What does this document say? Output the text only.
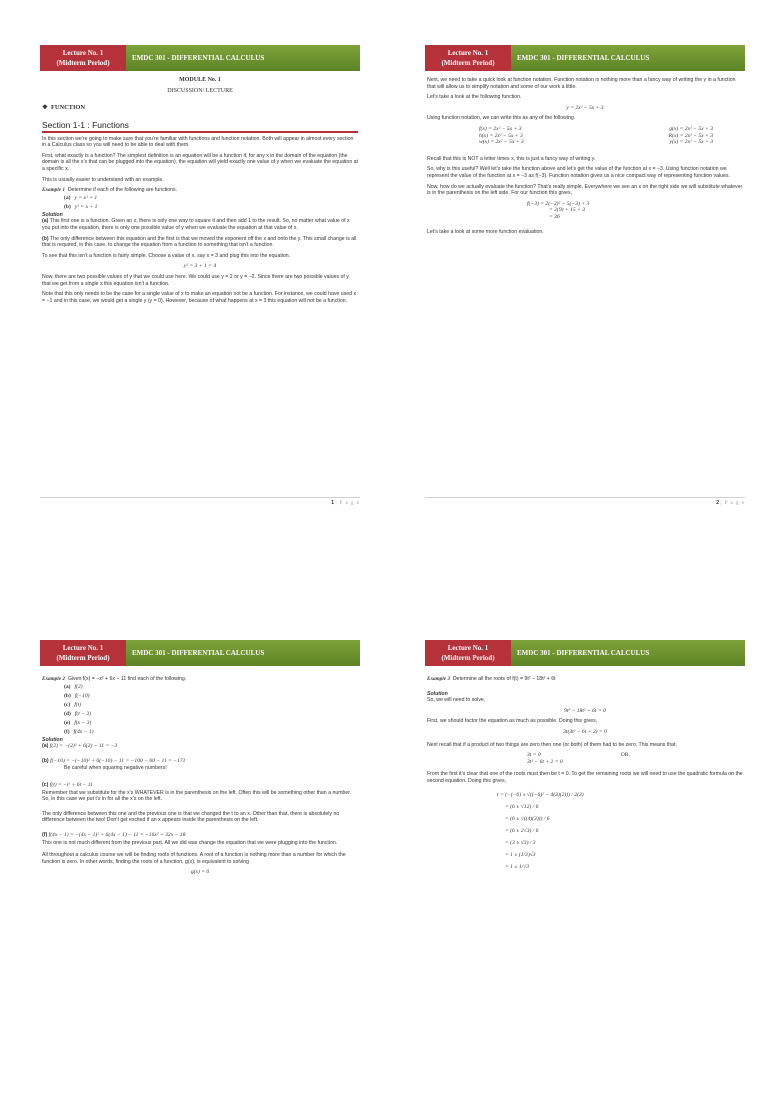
Lecture No. 1
(Midterm Period)
EMDC 301 - DIFFERENTIAL CALCULUS
MODULE No. 1
DISCUSSION/ LECTURE
❖ FUNCTION
Section 1-1 : Functions

In this section we’re going to make sure that you’re familiar with functions and function notation. Both will appear in almost every section in a Calculus class so you will need to be able to deal with them.

First, what exactly is a function? The simplest definition is an equation will be a function if, for any x in the domain of the equation (the domain is all the x’s that can be plugged into the equation), the equation will yield exactly one value of y when we evaluate the equation at a specific x.

This is usually easier to understand with an example.

Example 1 Determine if each of the following are functions.
(a) y = x² + 1
(b) y² = x + 1
Solution

(a) This first one is a function. Given an x, there is only one way to square it and then add 1 to the result. So, no matter what value of x you put into the equation, there is only one possible value of y when we evaluate the equation at that value of x.

(b) The only difference between this equation and the first is that we moved the exponent off the x and onto the y. This small change is all that is required, in this case, to change the equation from a function to something that isn’t a function.

To see that this isn’t a function is fairly simple. Choose a value of x, say x = 3 and plug this into the equation.

y² = 3 + 1 = 4

Now, there are two possible values of y that we could use here. We could use y = 2 or y = −2. Since there are two possible values of y that we get from a single x this equation isn’t a function.

Note that this only needs to be the case for a single value of x to make an equation not be a function. For instance, we could have used x = −1 and in this case, we would get a single y (y = 0). However, because of what happens at x = 3 this equation will not be a function.

1 | P a g e
Lecture No. 1
(Midterm Period)
EMDC 301 - DIFFERENTIAL CALCULUS

Next, we need to take a quick look at function notation. Function notation is nothing more than a fancy way of writing the y in a function that will allow us to simplify notation and some of our work a little.

Let’s take a look at the following function.

y = 2x² − 5x + 3

Using function notation, we can write this as any of the following.

f(x) = 2x² − 5x + 3	g(x) = 2x² − 5x + 3
h(x) = 2x² − 5x + 3	R(x) = 2x² − 5x + 3
w(x) = 2x² − 5x + 3	y(x) = 2x² − 5x + 3

Recall that this is NOT a letter times x, this is just a fancy way of writing y.

So, why is this useful? Well let’s take the function above and let’s get the value of the function at x = −3. Using function notation we represent the value of the function at x = −3 as f(−3). Function notation gives us a nice compact way of representing function values.

Now, how do we actually evaluate the function? That’s really simple. Everywhere we see an x on the right side we will substitute whatever is in the parenthesis on the left side. For our function this gives,

f(−3) = 2(−3)² − 5(−3) + 3
= 2(9) + 15 + 3
= 36

Let’s take a look at some more function evaluation.

2 | P a g e
Lecture No. 1
(Midterm Period)
EMDC 301 - DIFFERENTIAL CALCULUS
Example 2 Given f(x) = −x² + 6x − 11 find each of the following.
(a) f(2)
(b) f(−10)
(c) f(t)
(d) f(t − 3)
(e) f(x − 3)
(f) f(4x − 1)
Solution

(a) f(2) = −(2)² + 6(2) − 11 = −3

(b) f(−10) = −(−10)² + 6(−10) − 11 = −100 − 60 − 11 = −171

Be careful when squaring negative numbers!

(c) f(t) = −t² + 6t − 11

Remember that we substitute for the x’s WHATEVER is in the parenthesis on the left. Often this will be something other than a number. So, in this case we put t’s in for all the x’s on the left.

The only difference between this one and the previous one is that we changed the t to an x. Other than that, there is absolutely no difference between the two! Don’t get excited if an x appears inside the parenthesis on the left.

(f) f(4x − 1) = −(4x − 1)² + 6(4x − 1) − 11 = −16x² + 32x − 18

This one is not much different from the previous part. All we did was change the equation that we were plugging into the function.

All throughout a calculus course we will be finding roots of functions. A root of a function is nothing more than a number for which the function is zero. In other words, finding the roots of a function, g(x), is equivalent to solving

g(x) = 0
Lecture No. 1
(Midterm Period)
EMDC 301 - DIFFERENTIAL CALCULUS
Example 3 Determine all the roots of f(t) = 9t³ − 18t² + 6t
Solution

So, we will need to solve,

9t³ − 18t² + 6t = 0

First, we should factor the equation as much as possible. Doing this gives,

3t(3t² − 6t + 2) = 0

Next recall that if a product of two things are zero then one (or both) of them had to be zero. This means that,

3t = 0	OR,
3t² − 6t + 2 = 0

From the first it’s clear that one of the roots must then be t = 0. To get the remaining roots we will need to use the quadratic formula on the second equation. Doing this gives,

t = (−(−6) ± √((−6)² − 4(3)(2))) / 2(3)
= (6 ± √12) / 6
= (6 ± √((4)(3))) / 6
= (6 ± 2√3) / 6
= (3 ± √3) / 3
= 1 ± (1/3)√3
= 1 ± 1/√3
